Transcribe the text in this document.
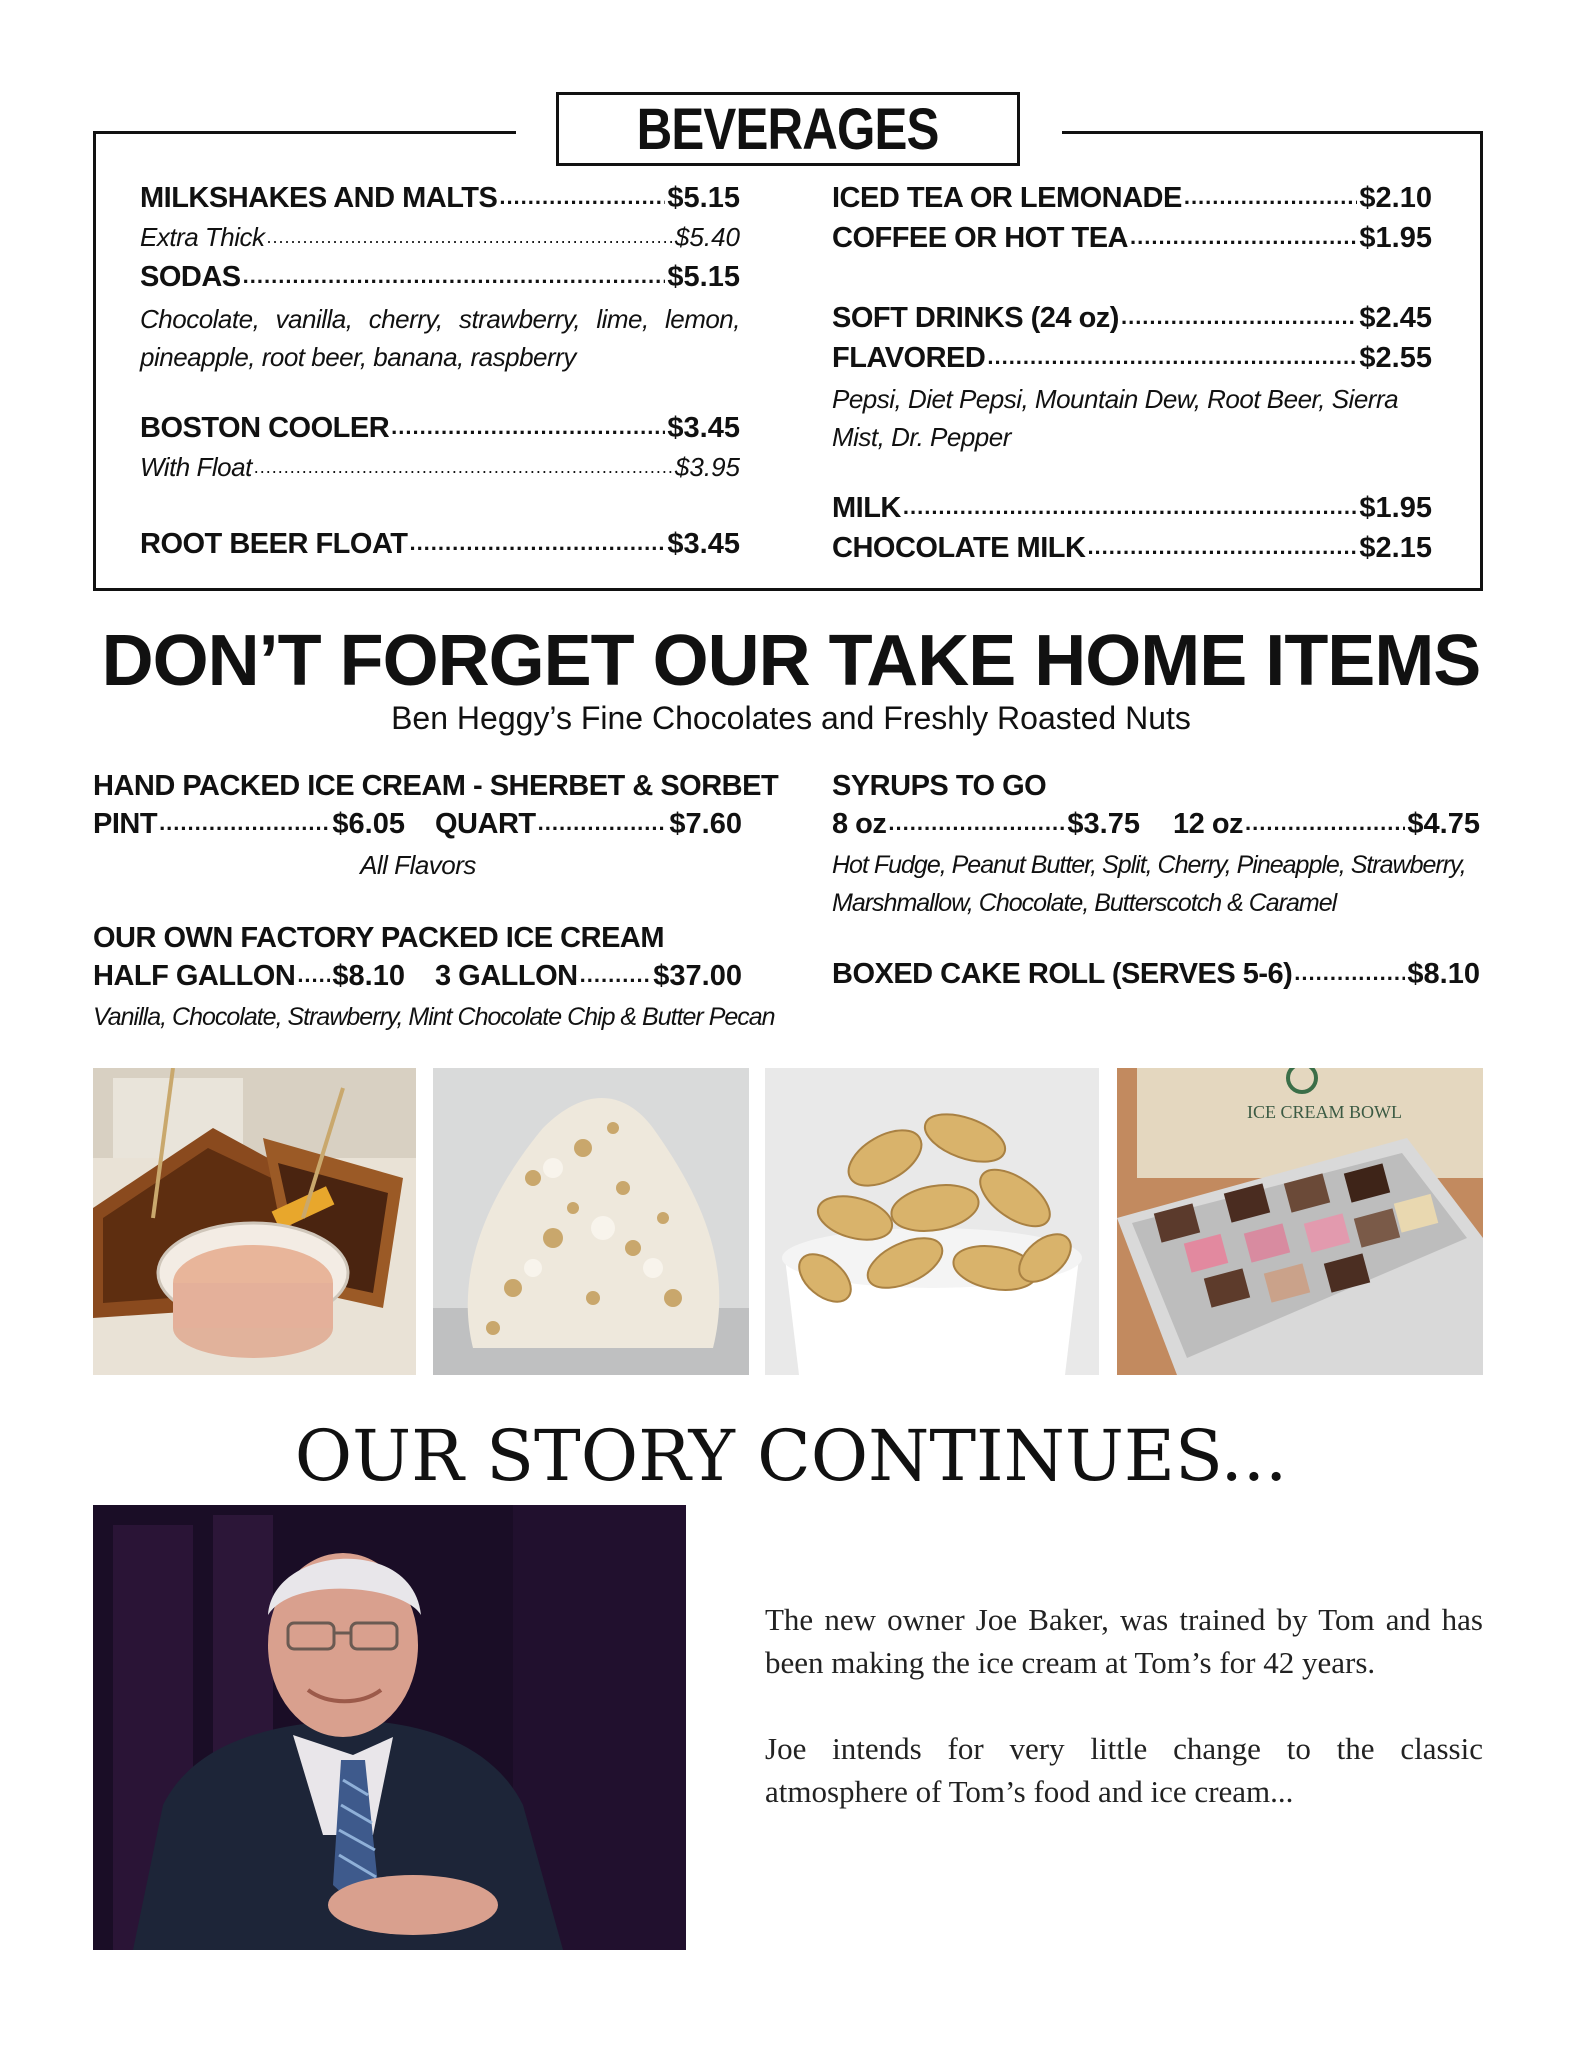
BEVERAGES
MILKSHAKES AND MALTS .....	$5.15
Extra Thick .....	$5.40
SODAS .....	$5.15
Chocolate, vanilla, cherry, strawberry, lime, lemon, pineapple, root beer, banana, raspberry
BOSTON COOLER .....	$3.45
With Float .....	$3.95
ROOT BEER FLOAT .....	$3.45
ICED TEA OR LEMONADE .....	$2.10
COFFEE OR HOT TEA .....	$1.95
SOFT DRINKS (24 oz) .....	$2.45
FLAVORED .....	$2.55
Pepsi, Diet Pepsi, Mountain Dew, Root Beer, Sierra Mist, Dr. Pepper
MILK .....	$1.95
CHOCOLATE MILK .....	$2.15
DON’T FORGET OUR TAKE HOME ITEMS
Ben Heggy’s Fine Chocolates and Freshly Roasted Nuts
HAND PACKED ICE CREAM - SHERBET & SORBET
PINT .....	$6.05 QUART .....	$7.60
All Flavors
OUR OWN FACTORY PACKED ICE CREAM
HALF GALLON ..... $8.10 3 GALLON .....	$37.00
Vanilla, Chocolate, Strawberry, Mint Chocolate Chip & Butter Pecan
SYRUPS TO GO
8 oz .....	$3.75 12 oz .....	$4.75
Hot Fudge, Peanut Butter, Split, Cherry, Pineapple, Strawberry, Marshmallow, Chocolate, Butterscotch & Caramel
BOXED CAKE ROLL (SERVES 5-6) .....	$8.10
ICE CREAM BOWL
OUR STORY CONTINUES...
The new owner Joe Baker, was trained by Tom and has been making the ice cream at Tom’s for 42 years.
Joe intends for very little change to the classic atmosphere of Tom’s food and ice cream...
